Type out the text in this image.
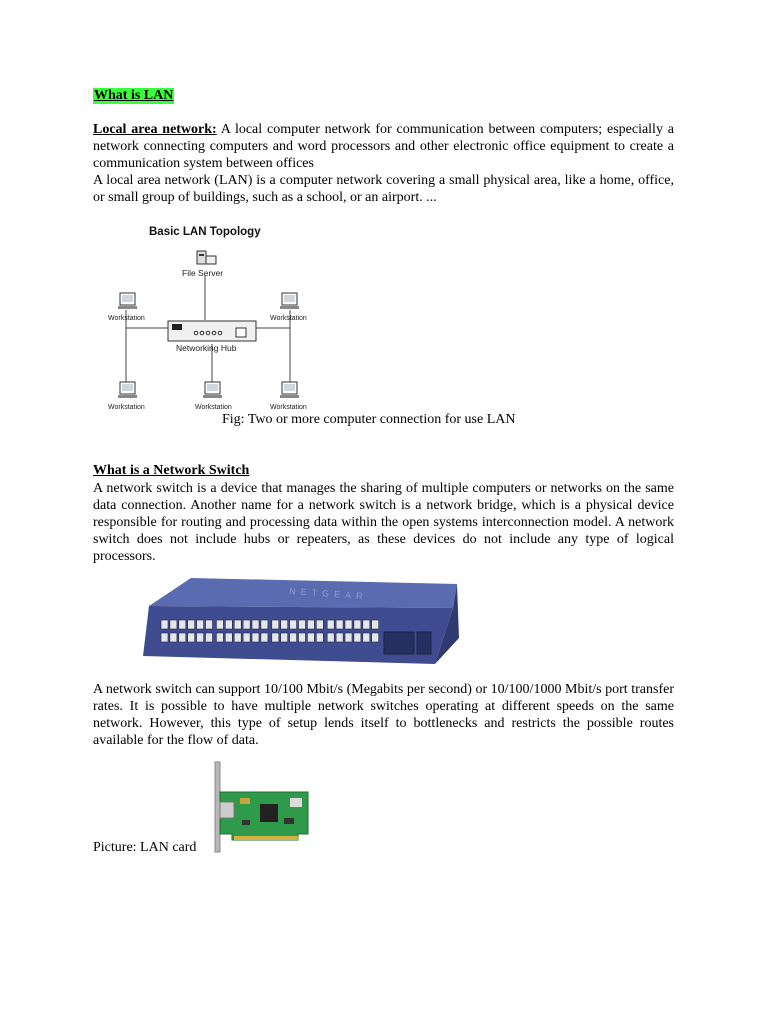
What is LAN

Local area network: A local computer network for communication between computers; especially a network connecting computers and word processors and other electronic office equipment to create a communication system between offices

A local area network (LAN) is a computer network covering a small physical area, like a home, office, or small group of buildings, such as a school, or an airport. ...

Basic LAN Topology
File Server
Networking Hub
Workstation	Workstation
Workstation	Workstation	Workstation
Fig: Two or more computer connection for use LAN
What is a Network Switch

A network switch is a device that manages the sharing of multiple computers or networks on the same data connection. Another name for a network switch is a network bridge, which is a physical device responsible for routing and processing data within the open systems interconnection model. A network switch does not include hubs or repeaters, as these devices do not include any type of logical processors.

NETGEAR

A network switch can support 10/100 Mbit/s (Megabits per second) or 10/100/1000 Mbit/s port transfer rates. It is possible to have multiple network switches operating at different speeds on the same network. However, this type of setup lends itself to bottlenecks and restricts the possible routes available for the flow of data.

Picture: LAN card
